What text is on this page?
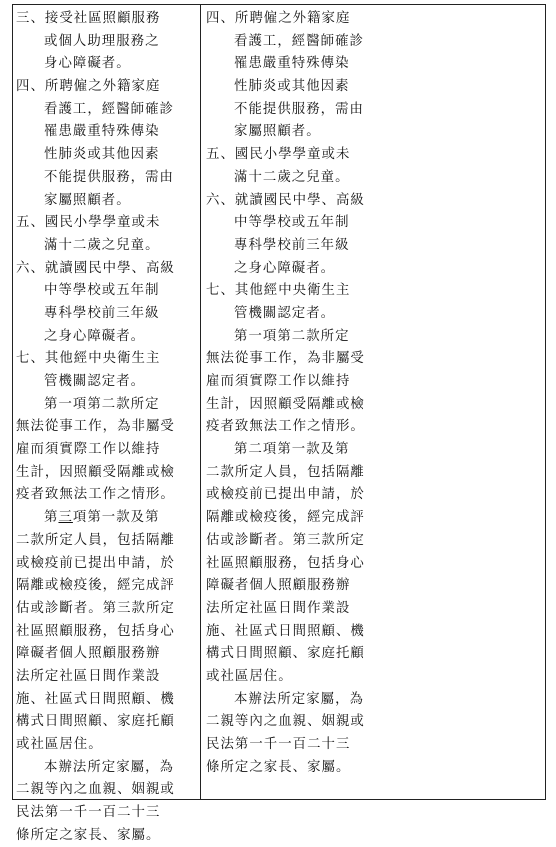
三、接受社區照顧服務
或個人助理服務之
身心障礙者。
四、所聘僱之外籍家庭
看護工，經醫師確診
罹患嚴重特殊傳染
性肺炎或其他因素
不能提供服務，需由
家屬照顧者。
五、國民小學學童或未
滿十二歲之兒童。
六、就讀國民中學、高級
中等學校或五年制
專科學校前三年級
之身心障礙者。
七、其他經中央衛生主
管機關認定者。
第一項第二款所定
無法從事工作，為非屬受
雇而須實際工作以維持
生計，因照顧受隔離或檢
疫者致無法工作之情形。
第三項第一款及第
二款所定人員，包括隔離
或檢疫前已提出申請，於
隔離或檢疫後，經完成評
估或診斷者。第三款所定
社區照顧服務，包括身心
障礙者個人照顧服務辦
法所定社區日間作業設
施、社區式日間照顧、機
構式日間照顧、家庭托顧
或社區居住。
本辦法所定家屬，為
二親等內之血親、姻親或
民法第一千一百二十三
條所定之家長、家屬。
四、所聘僱之外籍家庭
看護工，經醫師確診
罹患嚴重特殊傳染
性肺炎或其他因素
不能提供服務，需由
家屬照顧者。
五、國民小學學童或未
滿十二歲之兒童。
六、就讀國民中學、高級
中等學校或五年制
專科學校前三年級
之身心障礙者。
七、其他經中央衛生主
管機關認定者。
第一項第二款所定
無法從事工作，為非屬受
雇而須實際工作以維持
生計，因照顧受隔離或檢
疫者致無法工作之情形。
第二項第一款及第
二款所定人員，包括隔離
或檢疫前已提出申請，於
隔離或檢疫後，經完成評
估或診斷者。第三款所定
社區照顧服務，包括身心
障礙者個人照顧服務辦
法所定社區日間作業設
施、社區式日間照顧、機
構式日間照顧、家庭托顧
或社區居住。
本辦法所定家屬，為
二親等內之血親、姻親或
民法第一千一百二十三
條所定之家長、家屬。
